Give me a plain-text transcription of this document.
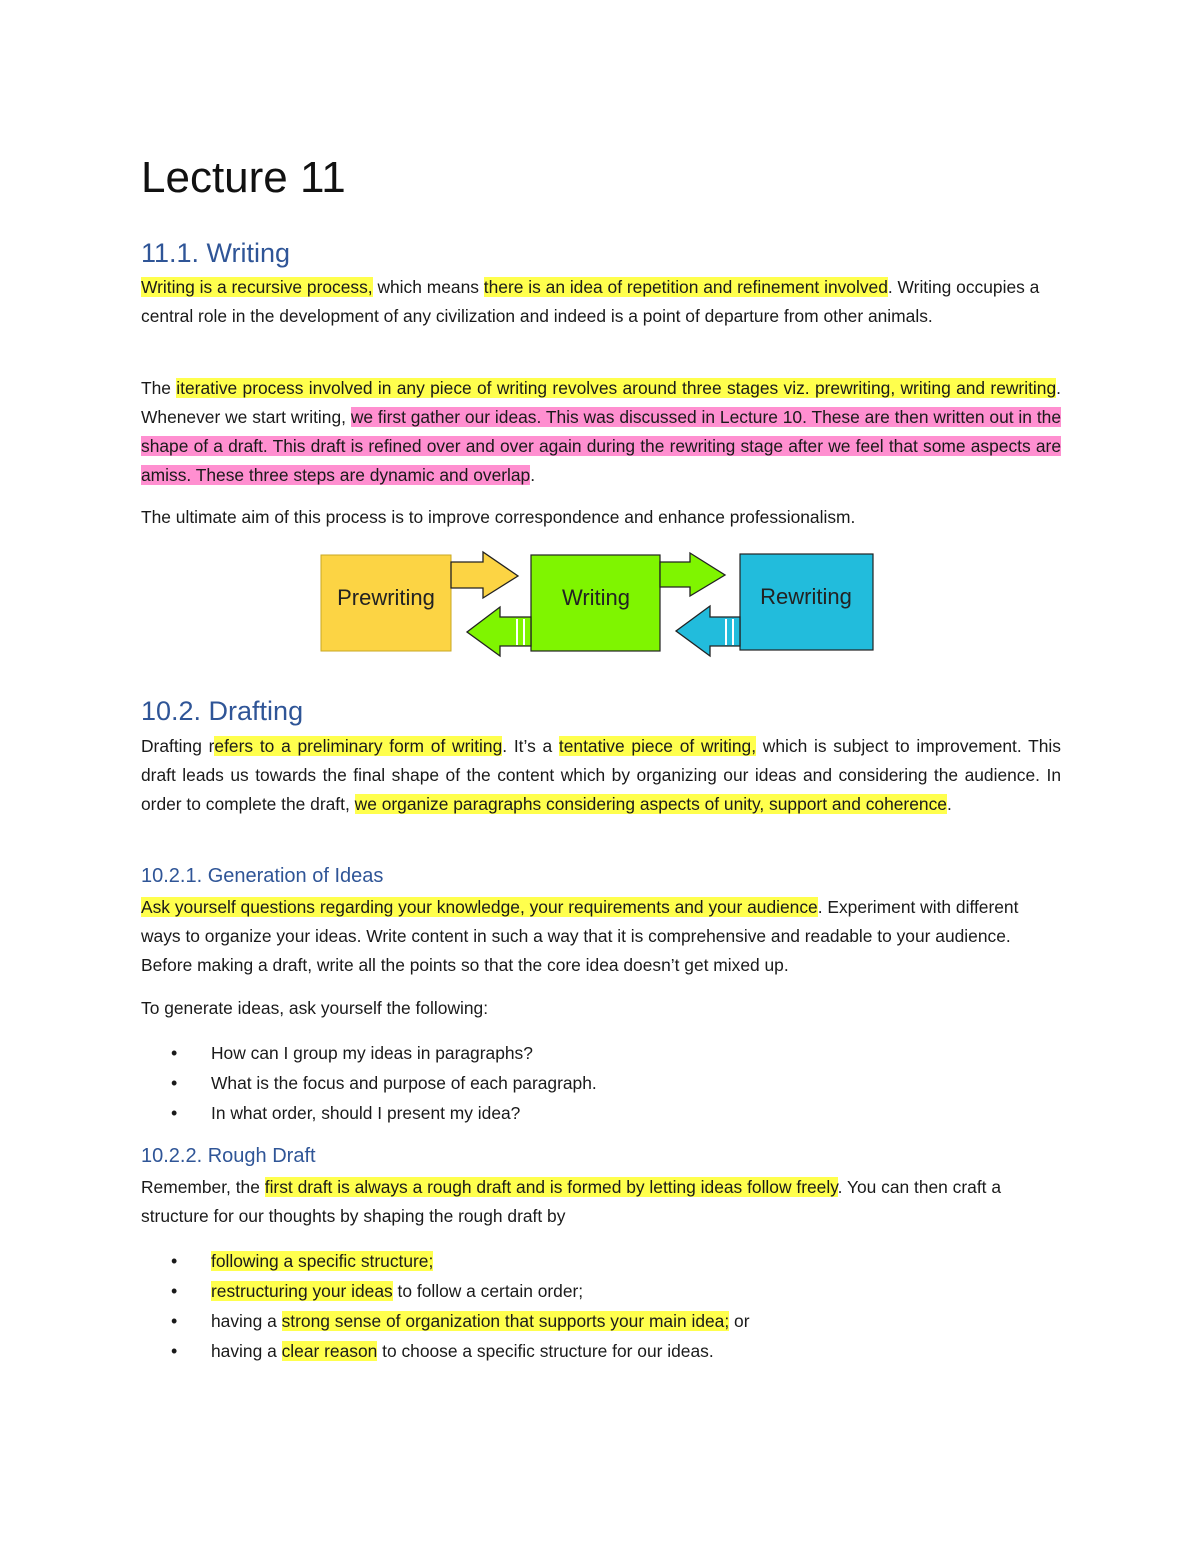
Lecture 11
11.1. Writing

Writing is a recursive process, which means there is an idea of repetition and refinement involved. Writing occupies a central role in the development of any civilization and indeed is a point of departure from other animals.

The iterative process involved in any piece of writing revolves around three stages viz. prewriting, writing and rewriting. Whenever we start writing, we first gather our ideas. This was discussed in Lecture 10. These are then written out in the shape of a draft. This draft is refined over and over again during the rewriting stage after we feel that some aspects are amiss. These three steps are dynamic and overlap.

The ultimate aim of this process is to improve correspondence and enhance professionalism.

10.2. Drafting

Drafting refers to a preliminary form of writing. It’s a tentative piece of writing, which is subject to improvement. This draft leads us towards the final shape of the content which by organizing our ideas and considering the audience. In order to complete the draft, we organize paragraphs considering aspects of unity, support and coherence.

10.2.1. Generation of Ideas

Ask yourself questions regarding your knowledge, your requirements and your audience. Experiment with different ways to organize your ideas. Write content in such a way that it is comprehensive and readable to your audience. Before making a draft, write all the points so that the core idea doesn’t get mixed up.

To generate ideas, ask yourself the following:

• How can I group my ideas in paragraphs?
• What is the focus and purpose of each paragraph.
• In what order, should I present my idea?
10.2.2. Rough Draft

Remember, the first draft is always a rough draft and is formed by letting ideas follow freely. You can then craft a structure for our thoughts by shaping the rough draft by

• following a specific structure;
• restructuring your ideas to follow a certain order;
• having a strong sense of organization that supports your main idea; or
• having a clear reason to choose a specific structure for our ideas.
Prewriting	Writing	Rewriting
